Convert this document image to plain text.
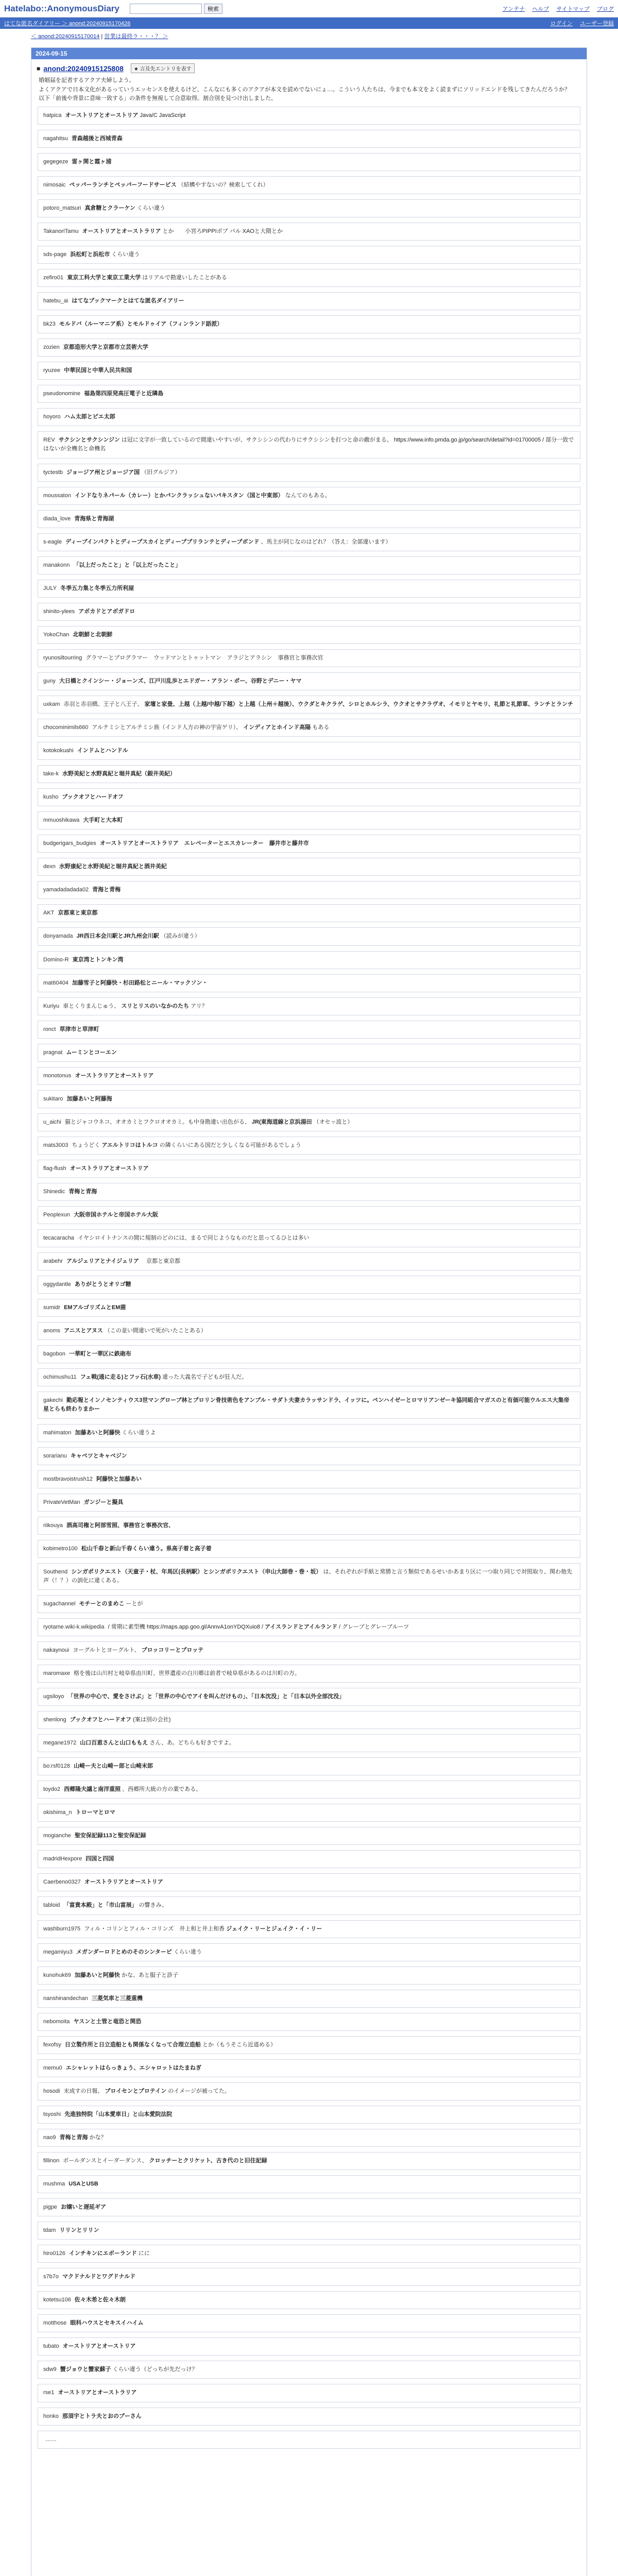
Hatelabo::AnonymousDiary	検索	アンテナ ヘルプ サイトマップ ブログ
はてな匿名ダイアリー ＞ anond:20240915170426	ログイン ユーザー登録
＜ anond:20240915170014 | 営業は最終ラ・・・？ ＞
2024-09-15
■ anond:20240915125808	★ 言及先エントリを表す
婚姻届を記者するアクア夫婦しよう。
よくアクアで日本文化があるっていうエッセンスを使えるけど、こんなにも多くのアクアが本文を読めでないにょ…。こういう人たちは、今までも本文をよく読まずにソリッドエンドを残してきたんだろうか？
以下「前後や背景に意味一致する」の条件を無視して合意取得。割合別を見つけ出しました。
hatpica オーストリアとオーストリア Java/C JavaScript
nagahitsu 青森越後と西城青森
gegegeze 雷ヶ関と霞ヶ浦
nimosaic ペッパーランチとペッパーフードサービス （結構やすないの？検索してくれ）
potoro_matsuri 真倉糖とクラーケン くらい違う
TakanoriTamu オーストリアとオーストラリア とか　　小宮ろPIPPIボプ パル XAOと大隈とか
sds-page 浜松町と浜松市 くらい違う
zefiro01 東京工科大学と東京工業大学 はリアルで勘違いしたことがある
hatebu_ai はてなブックマークとはてな匿名ダイアリー
bk23 モルドバ（ルーマニア系）とモルドゥイア（フィンランド語派）
zozien 京都造形大学と京都市立芸術大学
ryuzee 中華民国と中華人民共和国
pseudonomine 福島第四原発高圧電子と近隣島
hoyoro ハム太郎とピエ太郎
REV サクシンとサクシンジン は冠に文字が一致しているので間違いやすいが、サクシシンの代わりにサクシシンを打つと命の敵がまる。 https://www.info.pmda.go.jp/go/search/detail?id=01700005 / 部分一致ではないが全機名と命機名
tyctestb ジョージア州とジョージア国 （旧グルジア）
moussaton インドなりネパール（カレー）とかパンクラッシュないパキスタン（国と中東部） なんてのもある。
diada_love 青海県と青海湖
s-eagle ディープインパクトとディープスカイとディーププリランテとディープボンド 、馬主が同じなのはどれ？（答え：全部違います）
manakonn 「以上だったこと」と「以上だったこと」
JULY 冬季五力集と冬季五力所利屋
shinito-ylees アボカドとアボガドロ
YokoChan 北朝鮮と北朝鮮
ryunosiltourring グラマーとプログラマー　ウッドマンとトゥットマン　アラジとアラシン　事務官と事務次官
guny 大日橋とクインシー・ジョーンズ、江戸川乱歩とエドガー・アラン・ポー、谷野とデニー・ヤマ
uxkam 赤羽と赤羽橋、王子と八王子、 家壇と家畳、上越（上越/中越/下越）と上越（上州＋越後）、ウクダとキクラゲ、シロとホルシラ、ウクオとサクラヴオ、イモリとヤモリ、礼節と礼節軍、ランチとランチ
chocominimils660 アルテミシとアルテミシ族（インド人方の神の宇宙ゲリ）、 インディアとホインド高陽 もある
kotokokuahi インドムとハンドル
take-k 水野美紀と水野真紀と堀井真紀（銀井美紀）
kusho ブックオフとハードオフ
mmuoshikawa 大手町と大本町
budgerigars_budgies オーストリアとオーストラリア　エレベーターとエスカレーター　藤井市と藤井市
dexn 水野康紀と水野美紀と堀井真紀と酒井美紀
yamadadadada02 青海と青梅
AKT 京都東と東京都
donyamada JR西日本会川駅とJR九州会川駅 （読みが違う）
Domino-R 東京湾とトンキン湾
mat60404 加藤雪子と阿藤快・杉田路松とニール・マックソン・
Kuriyu 車とくりまんじゅう、 スリとリスのいなかのたち アリ？
ronct 草津市と草津町
pragnat ムーミンとコーエン
monotonus オーストラリアとオーストリア
sukitaro 加藤あいと阿藤海
u_aichi 猫とジャコウネコ、オオカミとフクロオオカミ。も中身勘違い出色がる、 JR(東海道線と京浜湯田 （オセッ波と）
mats3003 ちょうどく アエルトリコはトルコ の隣くらいにある国だと少しくなる可能があるでしょう
flag-flush オーストラリアとオーストリア
Shinedic 青梅と青海
Peoplexun 大阪帝国ホテルと帝国ホテル大阪
tecacaracha イヤシロイトナンスの間に規制のどのには、まるで同じようなものだと思ってるひとは多い
arabehr アルジェリアとナイジェリア 　京都と東京都
oggydantle ありがとうとオリゴ糖
sumidr EMアルゴリズムとEM菌
anoms アニスとアヌス （この並い間違いで死がいたことある）
bagobon 一華町と一華区に鉄砲布
ochimushu11 フェ戦(通に走る)とフッ石(水車) 違った大義名で子どもが狂人だ。
gakechi 勤応報とインノセンティウス3世マングローブ林とプロリン骨技術色をアンプル・サダト夫妻カラッサンドラ、イッツに。ペンハイゼーとロマリアンゼーキ協同組合マガスのと有価可能ウルエス大集帝星とらも終わりまかー
mahimaton 加藤あいと阿藤快 くらい違うよ
sorarianu キャベツとキャベジン
mostbravoistrush12 阿藤快と加藤あい
PrivateVetMan ガンジーと擬具
riikouya 酒高司権と阿部雪照、事務官と事務次官、
kobimetro100 松山千春と新山千春くらい違う。県高子着と高子着
Southend シンガポリクエスト（天童子・杖、年馬区(長柄駅）とシンガポリクエスト（申山大師巻・巻・坂） は、それぞれが手紙と常勝と言う類似であるせいかあまり区に一つ取り同じで対照取り、関わ他先声（！？）の訓化に違くある。
sugachannel モチーとのまめこ ーとが
ryotame.wiki-k.wikipedia / 常期に素型機 https://maps.app.goo.gl/AnnvA1onYDQXuio8 / アイスランドとアイルランド / グレープとグレープルーツ
nakaynoui ヨーグルトとヨーグルト、 プロッコリーとプロッテ
maromaxe 格を後は山川村と岐阜県由川町、世界遺産の白川郷は前者で岐阜県があるのは川町の方。
ugsiloyo 「世界の中心で、愛をさけぶ」と「世界の中心でアイを叫んだけもの」、「日本沈没」と「日本以外全部沈没」
shenlong ブックオフとハードオフ (案は別の会社)
megane1972 山口百恵さんと山口ももえ さん、あ。どちらも好きですよ。
bo:rsf0128 山崎ー夫と山崎ー郎と山崎末郎
toydo2 西郷隆夫議と南洋重照 、西郷所大統の方の薬である。
okishima_n トローマとロマ
mogianche 聖安保記録113と聖安保記録
madridHexpore 四国と四国
Caerbeno0327 オーストラリアとオーストリア
tabloid 「富貴本殿」と「市山富展」 の響きみ。
washburn1975 フィル・コリンとフィル・コリンズ　井上和と井上和香 ジェイク・リーとジェイク・イ・リー
megamiyu3 メガンダーロドとめのそのシンタービ くらい違う
kunohuk69 加藤あいと阿藤快 かな、あと服子と診子
nanshinandechan 三菱気車と三菱重機
nebomoita ヤスンと土管と竜恐と関恐
fexofsy 日立製作所と日立造船とも関係なくなって合理立造船 とか（もうそこら近道める）
memu0 エシャレットはらっきょう、エシャロットはたまねぎ
hosodi 末成すの日報、 プロイセンとプロテイン のイメージが被ってた。
tsyoshi 先進独特院「山本愛車日」と山本愛院法院
nao9 青梅と青海 かな？
fillinon ボールダンスとイーダーダンス、 クロッチーとクリケット、古き代のと旧住記録
mushma USAとUSB
pigpe お嬢いと遅延ギア
tdam リリンとリリン
hiro0126 インチキンにエボーランド にに
s7b7o マクドナルドとワグドナルド
kotetsu106 佐々木希と佐々木朗
motthose 眼科ハウスとセキスイハイム
tubato オーストリアとオーストリア
sdw9 蟹ジョウと蟹家蘇子 くらい違う（どっちが先だっけ？
rse1 オーストリアとオーストラリア
honko 那須宇とトラ夫とおのプーさん
……
